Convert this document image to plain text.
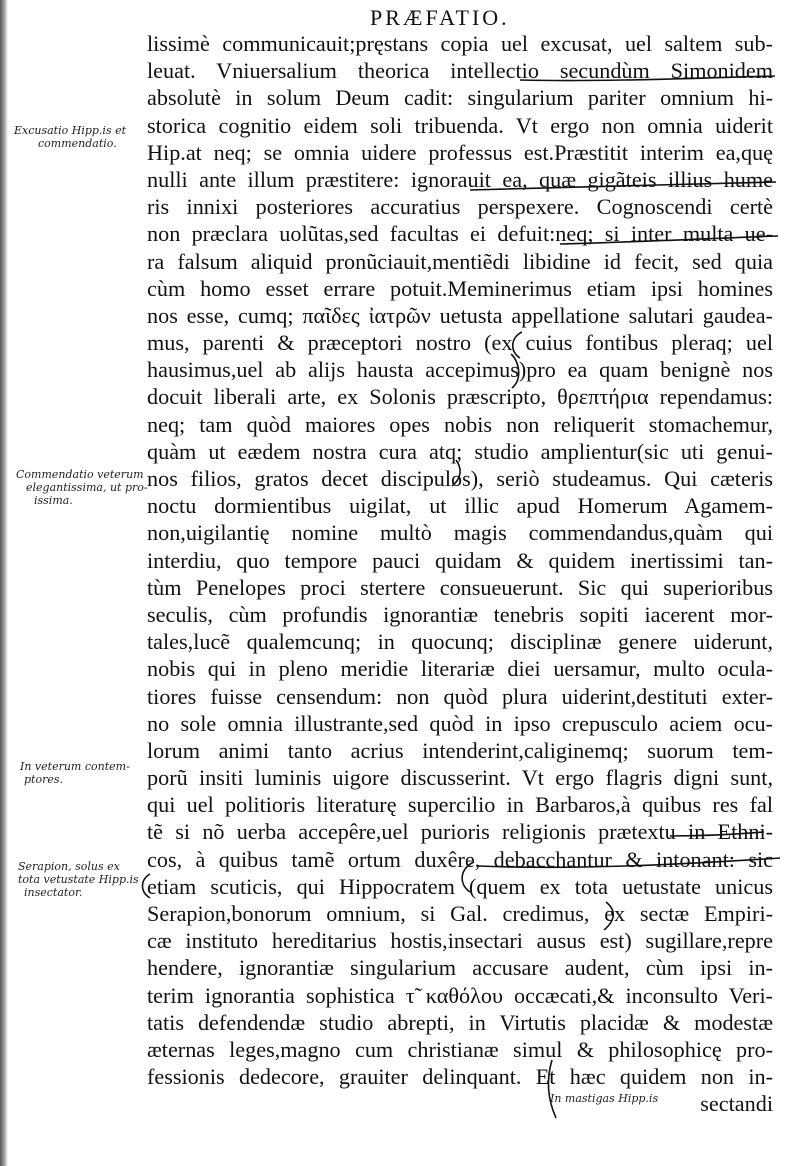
PRÆFATIO.
lissimè communicauit;pręstans copia uel excusat, uel saltem sub-
leuat. Vniuersalium theorica intellectio secundùm Simonidem
absolutè in solum Deum cadit: singularium pariter omnium hi-
storica cognitio eidem soli tribuenda. Vt ergo non omnia uiderit
Hip.at neq; se omnia uidere professus est.Præstitit interim ea,quę
nulli ante illum præstitere: ignorauit ea, quæ gigãteis illius hume
ris innixi posteriores accuratius perspexere. Cognoscendi certè
non præclara uolũtas,sed facultas ei defuit:neq; si inter multa ue-
ra falsum aliquid pronũciauit,mentiẽdi libidine id fecit, sed quia
cùm homo esset errare potuit.Meminerimus etiam ipsi homines
nos esse, cumq; παῖδες ἰατρῶν uetusta appellatione salutari gaudea-
mus, parenti & præceptori nostro (ex cuius fontibus pleraq; uel
hausimus,uel ab alijs hausta accepimus)pro ea quam benignè nos
docuit liberali arte, ex Solonis præscripto, θρεπτήρια rependamus:
neq; tam quòd maiores opes nobis non reliquerit stomachemur,
quàm ut eædem nostra cura atq; studio amplientur(sic uti genui-
nos filios, gratos decet discipulos), seriò studeamus. Qui cæteris
noctu dormientibus uigilat, ut illic apud Homerum Agamem-
non,uigilantię nomine multò magis commendandus,quàm qui
interdiu, quo tempore pauci quidam & quidem inertissimi tan-
tùm Penelopes proci stertere consueuerunt. Sic qui superioribus
seculis, cùm profundis ignorantiæ tenebris sopiti iacerent mor-
tales,lucẽ qualemcunq; in quocunq; disciplinæ genere uiderunt,
nobis qui in pleno meridie literariæ diei uersamur, multo ocula-
tiores fuisse censendum: non quòd plura uiderint,destituti exter-
no sole omnia illustrante,sed quòd in ipso crepusculo aciem ocu-
lorum animi tanto acrius intenderint,caliginemq; suorum tem-
porũ insiti luminis uigore discusserint. Vt ergo flagris digni sunt,
qui uel politioris literaturę supercilio in Barbaros,à quibus res fal
tẽ si nõ uerba accepêre,uel purioris religionis prætextu in Ethni-
cos, à quibus tamẽ ortum duxêre, debacchantur & intonant: sic
etiam scuticis, qui Hippocratem (quem ex tota uetustate unicus
Serapion,bonorum omnium, si Gal. credimus, ex sectæ Empiri-
cæ instituto hereditarius hostis,insectari ausus est) sugillare,repre
hendere, ignorantiæ singularium accusare audent, cùm ipsi in-
terim ignorantia sophistica τ̃ καθόλου occæcati,& inconsulto Veri-
tatis defendendæ studio abrepti, in Virtutis placidæ & modestæ
æternas leges,magno cum christianæ simul & philosophicę pro-
fessionis dedecore, grauiter delinquant. Et hæc quidem non in-
sectandi
Excusatio Hipp.is et
commendatio.
Commendatio veterum
elegantissima, ut pro-
issima.
In veterum contem-
ptores.
Serapion, solus ex
tota vetustate Hipp.is
insectator.
In mastigas Hipp.is
